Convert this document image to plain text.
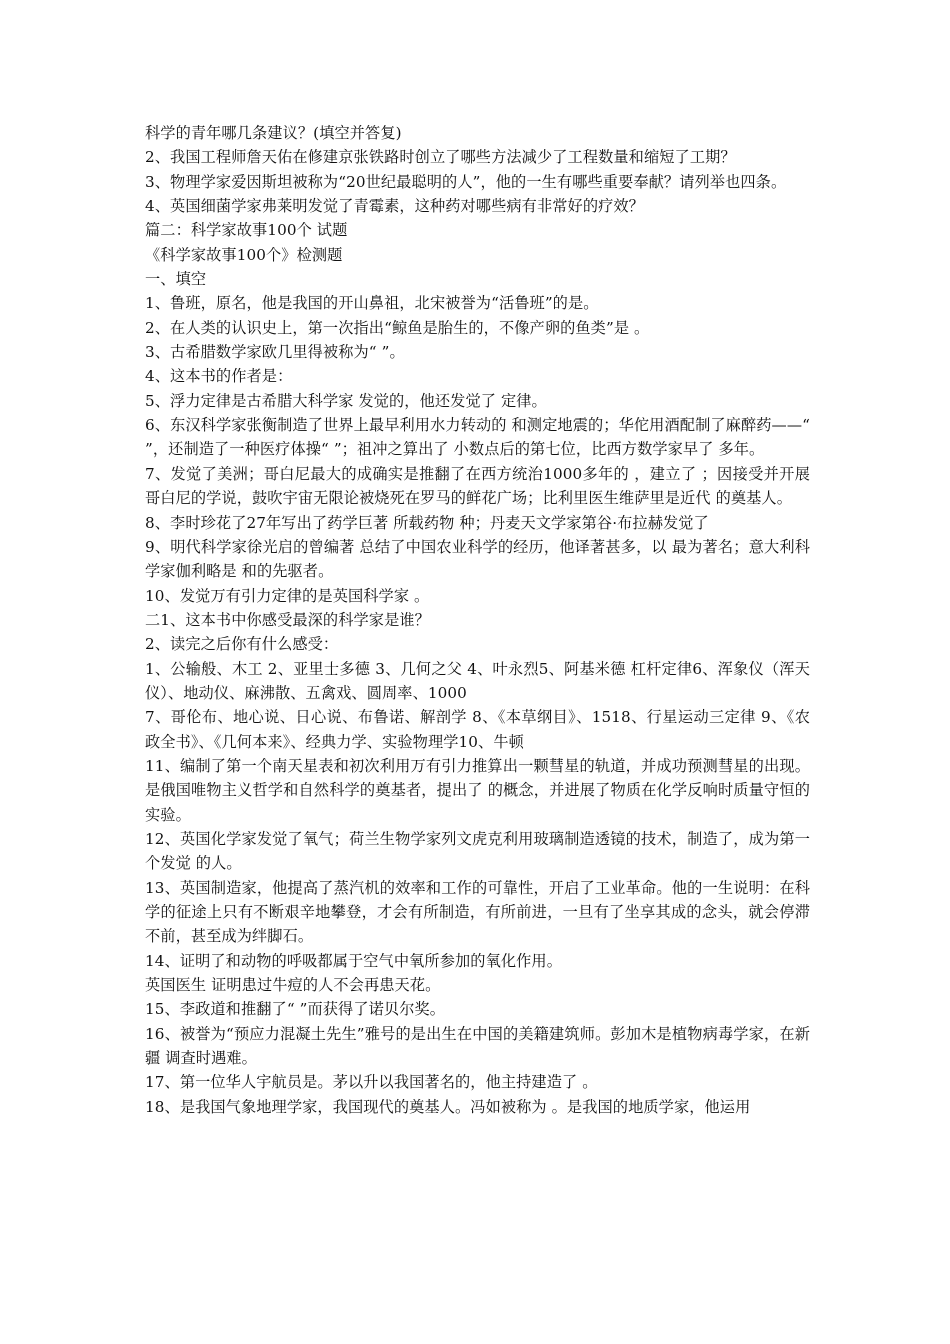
科学的青年哪几条建议？(填空并答复)

2、我国工程师詹天佑在修建京张铁路时创立了哪些方法减少了工程数量和缩短了工期？

3、物理学家爱因斯坦被称为“20世纪最聪明的人”，他的一生有哪些重要奉献？请列举也四条。

4、英国细菌学家弗莱明发觉了青霉素，这种药对哪些病有非常好的疗效？

篇二：科学家故事100个 试题

《科学家故事100个》检测题

一、填空

1、鲁班，原名，他是我国的开山鼻祖，北宋被誉为“活鲁班”的是。

2、在人类的认识史上，第一次指出“鲸鱼是胎生的，不像产卵的鱼类”是 。

3、古希腊数学家欧几里得被称为“ ”。

4、这本书的作者是：

5、浮力定律是古希腊大科学家 发觉的，他还发觉了 定律。

6、东汉科学家张衡制造了世界上最早利用水力转动的 和测定地震的；华佗用酒配制了麻醉药——“ ”，还制造了一种医疗体操“ ”；祖冲之算出了 小数点后的第七位，比西方数学家早了 多年。

7、发觉了美洲；哥白尼最大的成确实是推翻了在西方统治1000多年的 ，建立了 ；因接受并开展哥白尼的学说，鼓吹宇宙无限论被烧死在罗马的鲜花广场；比利里医生维萨里是近代 的奠基人。

8、李时珍花了27年写出了药学巨著 所载药物 种；丹麦天文学家第谷·布拉赫发觉了

9、明代科学家徐光启的曾编著 总结了中国农业科学的经历，他译著甚多，以 最为著名；意大利科学家伽利略是 和的先驱者。

10、发觉万有引力定律的是英国科学家 。

二1、这本书中你感受最深的科学家是谁？

2、读完之后你有什么感受：

1、公输般、木工 2、亚里士多德 3、几何之父 4、叶永烈5、阿基米德 杠杆定律6、浑象仪（浑天仪）、地动仪、麻沸散、五禽戏、圆周率、1000

7、哥伦布、地心说、日心说、布鲁诺、解剖学 8、《本草纲目》、1518、行星运动三定律 9、《农政全书》、《几何本来》、经典力学、实验物理学10、牛顿

11、编制了第一个南天星表和初次利用万有引力推算出一颗彗星的轨道，并成功预测彗星的出现。 是俄国唯物主义哲学和自然科学的奠基者，提出了 的概念，并进展了物质在化学反响时质量守恒的实验。

12、英国化学家发觉了氧气；荷兰生物学家列文虎克利用玻璃制造透镜的技术，制造了，成为第一个发觉 的人。

13、英国制造家，他提高了蒸汽机的效率和工作的可靠性，开启了工业革命。他的一生说明：在科学的征途上只有不断艰辛地攀登，才会有所制造，有所前进，一旦有了坐享其成的念头，就会停滞不前，甚至成为绊脚石。

14、证明了和动物的呼吸都属于空气中氧所参加的氧化作用。

英国医生 证明患过牛痘的人不会再患天花。

15、李政道和推翻了“ ”而获得了诺贝尔奖。

16、被誉为“预应力混凝土先生”雅号的是出生在中国的美籍建筑师。彭加木是植物病毒学家，在新疆 调查时遇难。

17、第一位华人宇航员是。茅以升以我国著名的，他主持建造了 。

18、是我国气象地理学家，我国现代的奠基人。冯如被称为 。是我国的地质学家，他运用
